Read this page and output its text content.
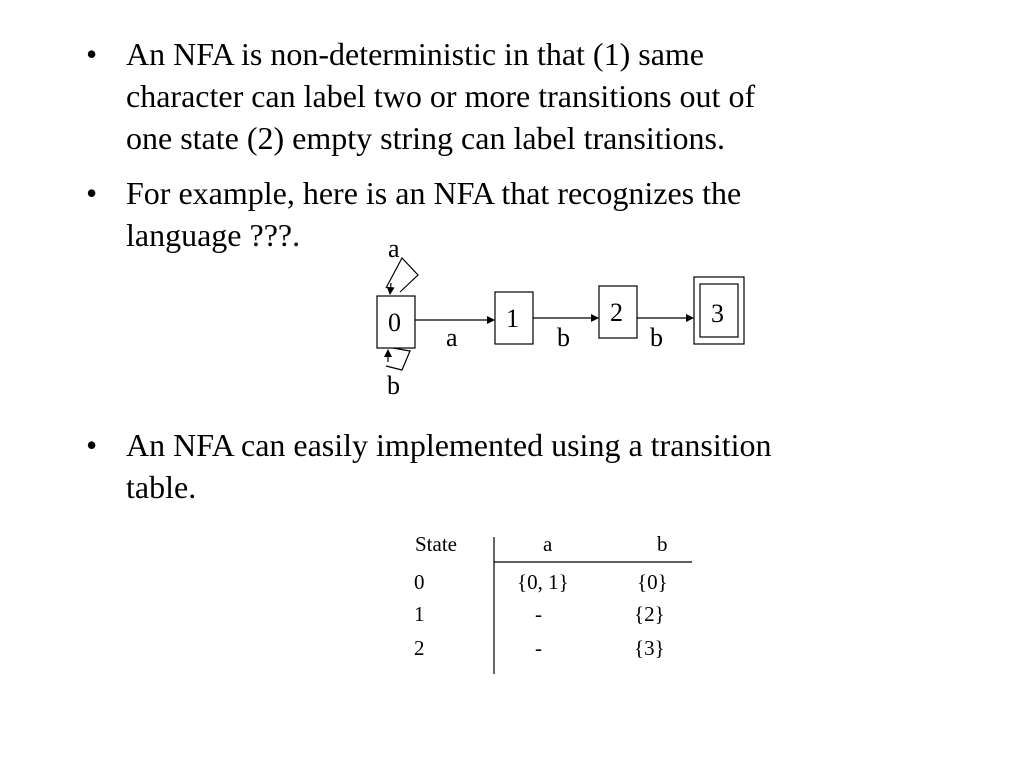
• An NFA is non-deterministic in that (1) same
character can label two or more transitions out of
one state (2) empty string can label transitions.
• For example, here is an NFA that recognizes the
language ???.	a
b
0
a
1
b
2
b
3
• An NFA can easily implemented using a transition
table.
State	a	b
0	{0, 1}	{0}
1	-	{2}
2	-	{3}
